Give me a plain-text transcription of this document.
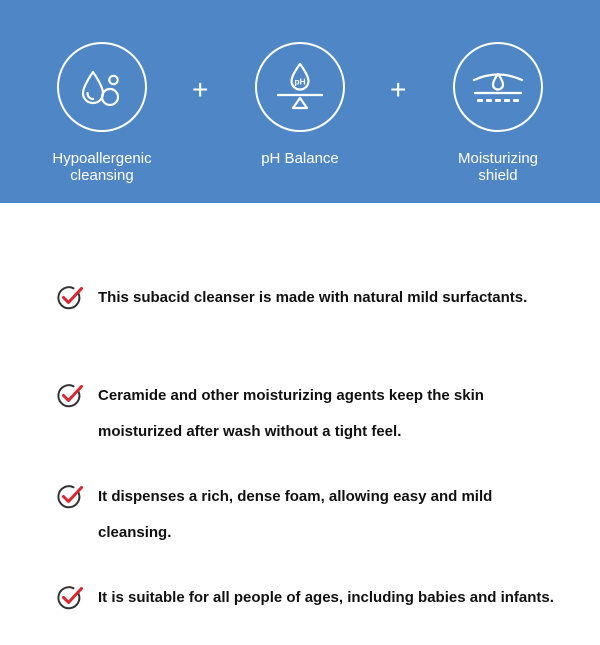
Hypoallergenic
cleansing
+	pH
pH Balance
+
Moisturizing
shield
This subacid cleanser is made with natural mild surfactants.
Ceramide and other moisturizing agents keep the skin moisturized after wash without a tight feel.
It dispenses a rich, dense foam, allowing easy and mild cleansing.
It is suitable for all people of ages, including babies and infants.
